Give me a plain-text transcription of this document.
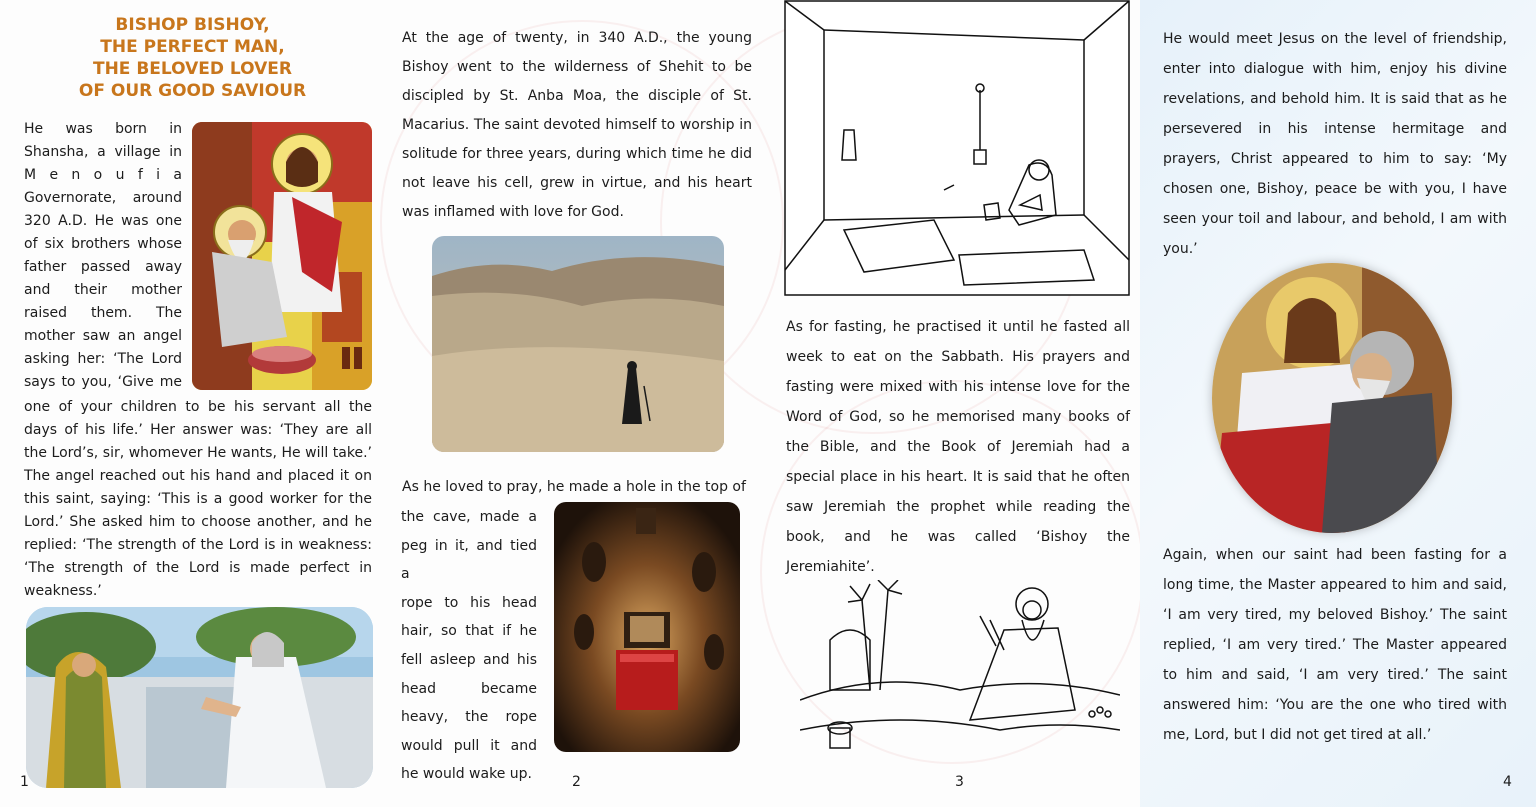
BISHOP BISHOY,
THE PERFECT MAN,
THE BELOVED LOVER
OF OUR GOOD SAVIOUR
He was born in
Shansha, a village in
M e n o u f i a
Governorate, around
320 A.D. He was one
of six brothers whose
father passed away
and their mother
raised them. The
mother saw an angel
asking her: ‘The Lord
says to you, ‘Give me
one of your children to be his servant all the days of his life.’ Her answer was: ‘They are all the Lord’s, sir, whomever He wants, He will take.’ The angel reached out his hand and placed it on this saint, saying: ‘This is a good worker for the Lord.’ She asked him to choose another, and he replied: ‘The strength of the Lord is in weakness: ‘The strength of the Lord is made perfect in weakness.’
1
At the age of twenty, in 340 A.D., the young Bishoy went to the wilderness of Shehit to be discipled by St. Anba Moa, the disciple of St. Macarius. The saint devoted himself to worship in solitude for three years, during which time he did not leave his cell, grew in virtue, and his heart was inflamed with love for God.
As he loved to pray, he made a hole in the top of
the cave, made a
peg in it, and tied a
rope to his head
hair, so that if he
fell asleep and his
head became
heavy, the rope
would pull it and
he would wake up.	2
As for fasting, he practised it until he fasted all week to eat on the Sabbath. His prayers and fasting were mixed with his intense love for the Word of God, so he memorised many books of the Bible, and the Book of Jeremiah had a special place in his heart. It is said that he often saw Jeremiah the prophet while reading the book, and he was called ‘Bishoy the Jeremiahite’.
3
He would meet Jesus on the level of friendship, enter into dialogue with him, enjoy his divine revelations, and behold him. It is said that as he persevered in his intense hermitage and prayers, Christ appeared to him to say: ‘My chosen one, Bishoy, peace be with you, I have seen your toil and labour, and behold, I am with you.’
Again, when our saint had been fasting for a long time, the Master appeared to him and said, ‘I am very tired, my beloved Bishoy.’ The saint replied, ‘I am very tired.’ The Master appeared to him and said, ‘I am very tired.’ The saint answered him: ‘You are the one who tired with me, Lord, but I did not get tired at all.’
4
